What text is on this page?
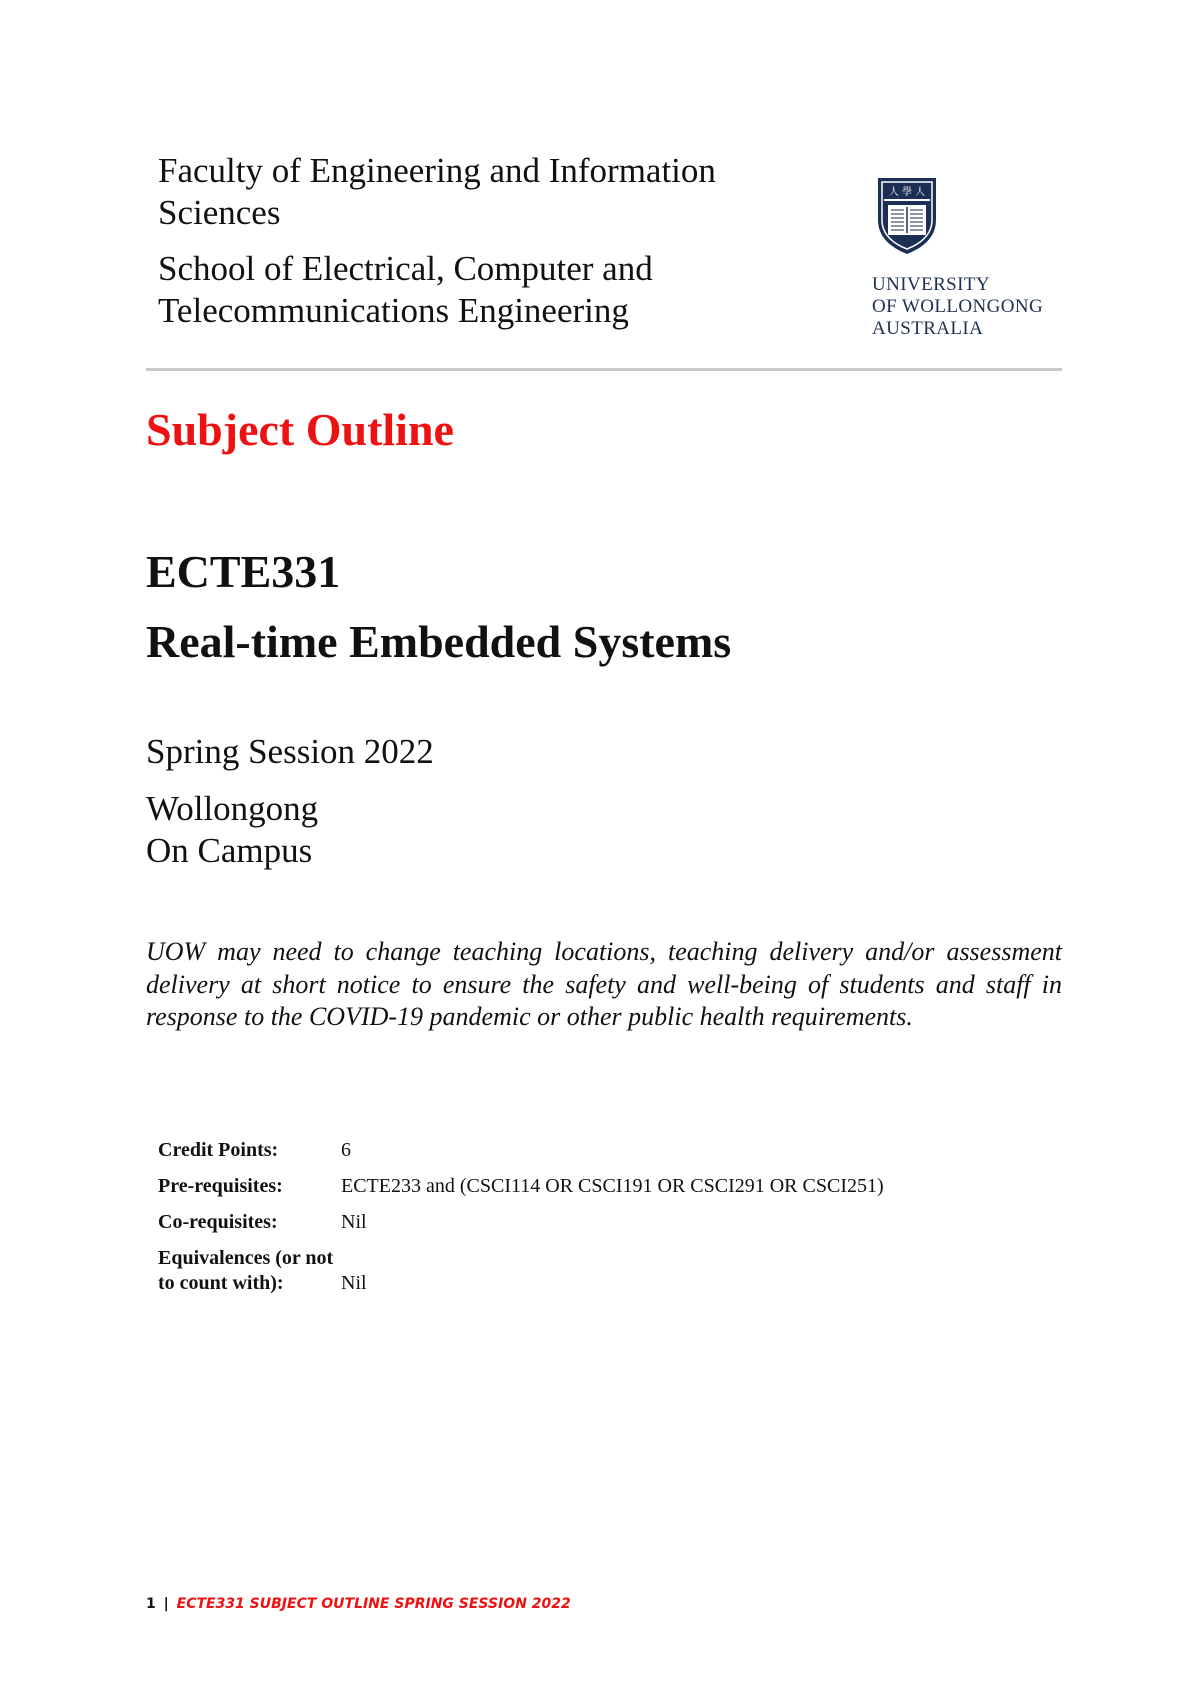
Faculty of Engineering and Information Sciences

School of Electrical, Computer and Telecommunications Engineering

人 學 人
UNIVERSITY
OF WOLLONGONG
AUSTRALIA
Subject Outline
ECTE331
Real-time Embedded Systems

Spring Session 2022

Wollongong
On Campus

UOW may need to change teaching locations, teaching delivery and/or assessment delivery at short notice to ensure the safety and well-being of students and staff in response to the COVID-19 pandemic or other public health requirements.

Credit Points:	6
Pre-requisites:	ECTE233 and (CSCI114 OR CSCI191 OR CSCI291 OR CSCI251)
Co-requisites:	Nil
Equivalences (or not to count with):	Nil
1 | ECTE331 SUBJECT OUTLINE SPRING SESSION 2022
